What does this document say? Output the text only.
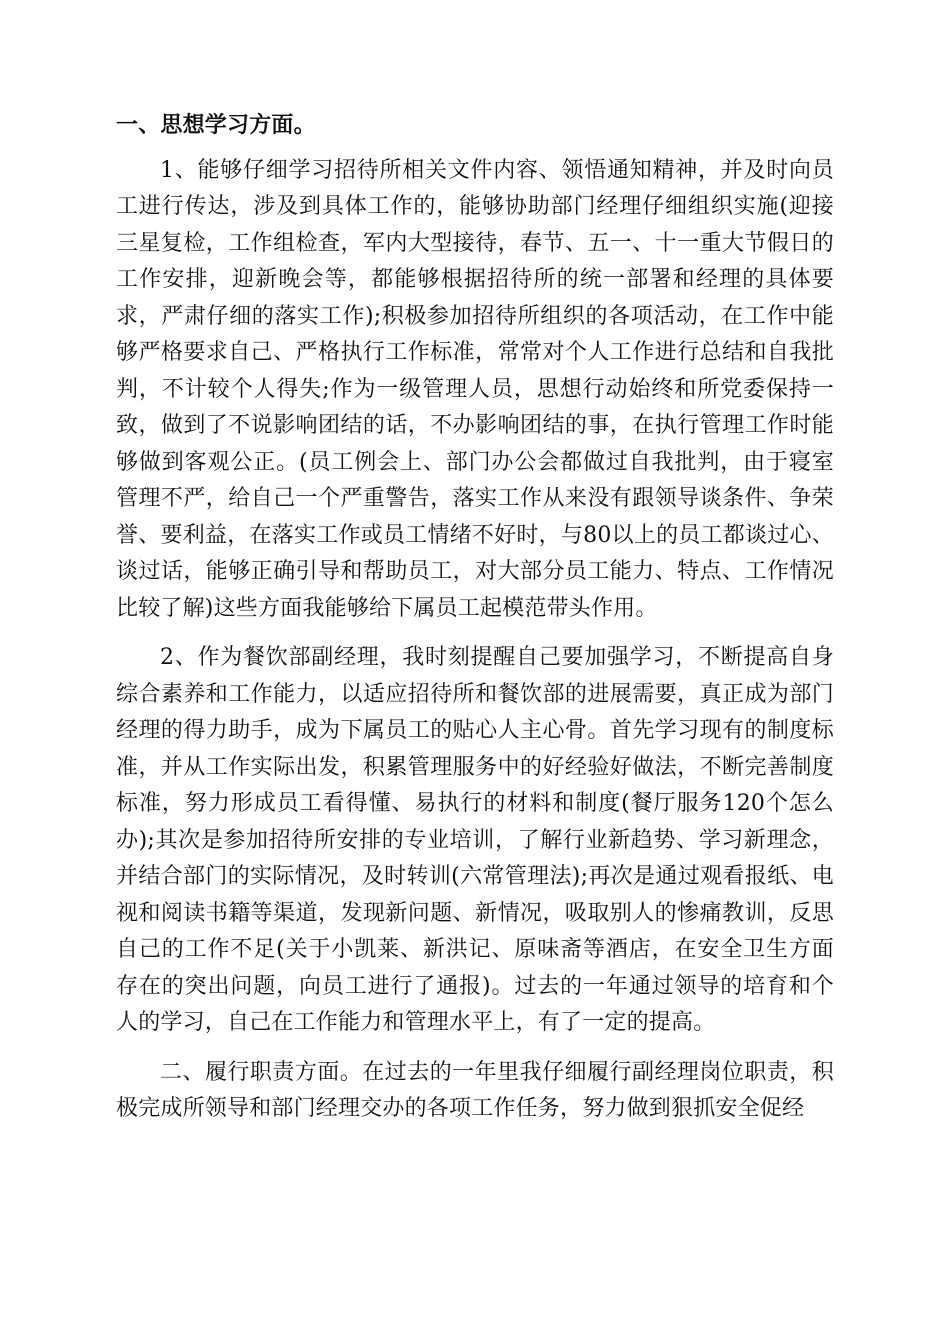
一、思想学习方面。

1、能够仔细学习招待所相关文件内容、领悟通知精神，并及时向员工进行传达，涉及到具体工作的，能够协助部门经理仔细组织实施(迎接三星复检，工作组检查，军内大型接待，春节、五一、十一重大节假日的工作安排，迎新晚会等，都能够根据招待所的统一部署和经理的具体要求，严肃仔细的落实工作);积极参加招待所组织的各项活动，在工作中能够严格要求自己、严格执行工作标准，常常对个人工作进行总结和自我批判，不计较个人得失;作为一级管理人员，思想行动始终和所党委保持一致，做到了不说影响团结的话，不办影响团结的事，在执行管理工作时能够做到客观公正。(员工例会上、部门办公会都做过自我批判，由于寝室管理不严，给自己一个严重警告，落实工作从来没有跟领导谈条件、争荣誉、要利益，在落实工作或员工情绪不好时，与80以上的员工都谈过心、谈过话，能够正确引导和帮助员工，对大部分员工能力、特点、工作情况比较了解)这些方面我能够给下属员工起模范带头作用。

2、作为餐饮部副经理，我时刻提醒自己要加强学习，不断提高自身综合素养和工作能力，以适应招待所和餐饮部的进展需要，真正成为部门经理的得力助手，成为下属员工的贴心人主心骨。首先学习现有的制度标准，并从工作实际出发，积累管理服务中的好经验好做法，不断完善制度标准，努力形成员工看得懂、易执行的材料和制度(餐厅服务120个怎么办);其次是参加招待所安排的专业培训，了解行业新趋势、学习新理念，并结合部门的实际情况，及时转训(六常管理法);再次是通过观看报纸、电视和阅读书籍等渠道，发现新问题、新情况，吸取别人的惨痛教训，反思自己的工作不足(关于小凯莱、新洪记、原味斋等酒店，在安全卫生方面存在的突出问题，向员工进行了通报)。过去的一年通过领导的培育和个人的学习，自己在工作能力和管理水平上，有了一定的提高。

二、履行职责方面。在过去的一年里我仔细履行副经理岗位职责，积极完成所领导和部门经理交办的各项工作任务，努力做到狠抓安全促经
